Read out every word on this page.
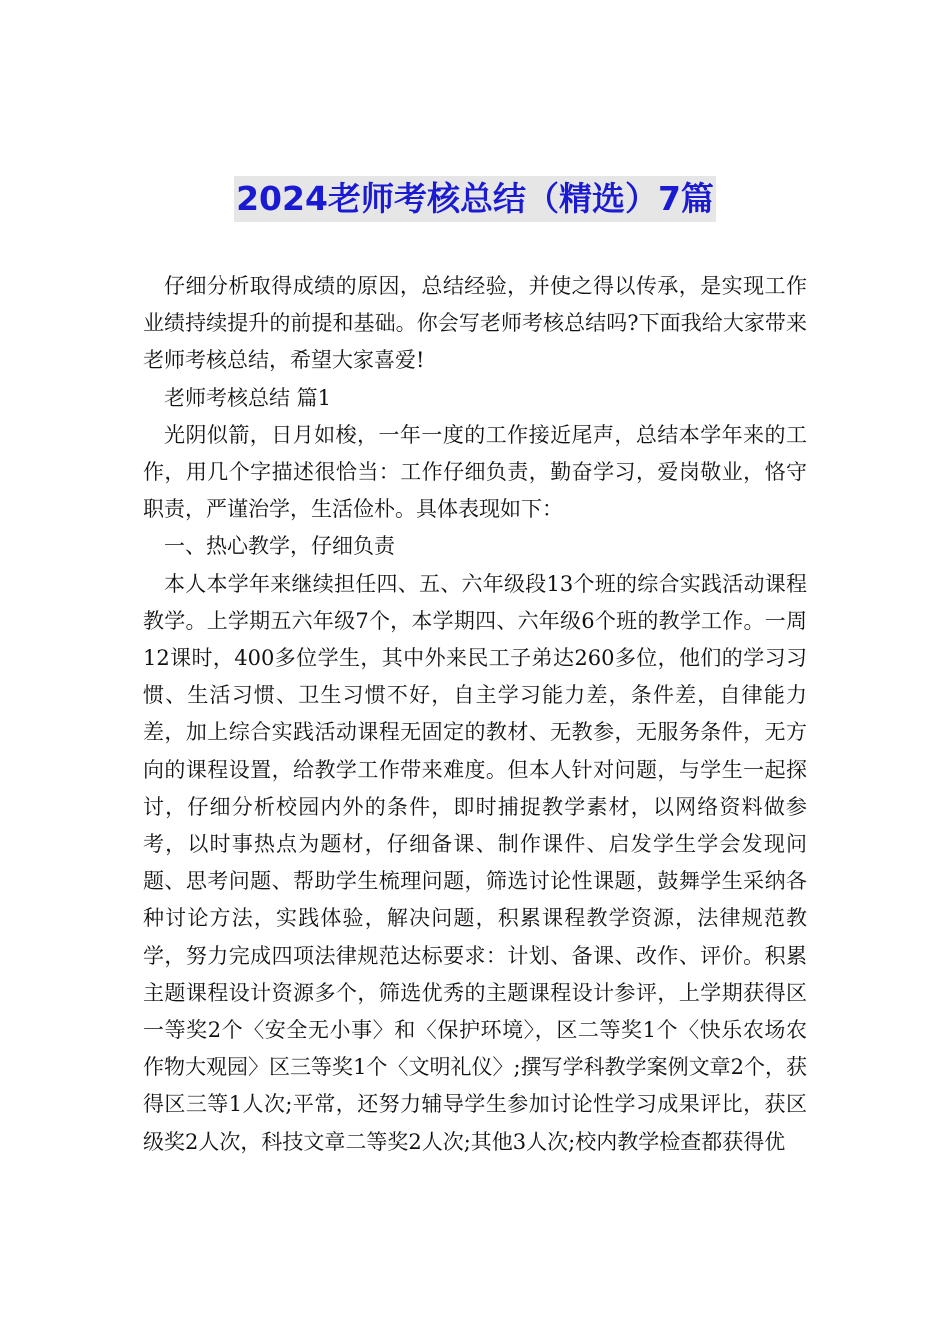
2024老师考核总结（精选）7篇

仔细分析取得成绩的原因，总结经验，并使之得以传承，是实现工作业绩持续提升的前提和基础。你会写老师考核总结吗?下面我给大家带来老师考核总结，希望大家喜爱!

老师考核总结 篇1

光阴似箭，日月如梭，一年一度的工作接近尾声，总结本学年来的工作，用几个字描述很恰当：工作仔细负责，勤奋学习，爱岗敬业，恪守职责，严谨治学，生活俭朴。具体表现如下：

一、热心教学，仔细负责

本人本学年来继续担任四、五、六年级段13个班的综合实践活动课程教学。上学期五六年级7个，本学期四、六年级6个班的教学工作。一周12课时，400多位学生，其中外来民工子弟达260多位，他们的学习习惯、生活习惯、卫生习惯不好，自主学习能力差，条件差，自律能力差，加上综合实践活动课程无固定的教材、无教参，无服务条件，无方向的课程设置，给教学工作带来难度。但本人针对问题，与学生一起探讨，仔细分析校园内外的条件，即时捕捉教学素材，以网络资料做参考，以时事热点为题材，仔细备课、制作课件、启发学生学会发现问题、思考问题、帮助学生梳理问题，筛选讨论性课题，鼓舞学生采纳各种讨论方法，实践体验，解决问题，积累课程教学资源，法律规范教学，努力完成四项法律规范达标要求：计划、备课、改作、评价。积累主题课程设计资源多个，筛选优秀的主题课程设计参评，上学期获得区一等奖2个〈安全无小事〉和〈保护环境〉，区二等奖1个〈快乐农场农作物大观园〉区三等奖1个〈文明礼仪〉;撰写学科教学案例文章2个，获得区三等1人次;平常，还努力辅导学生参加讨论性学习成果评比，获区级奖2人次，科技文章二等奖2人次;其他3人次;校内教学检查都获得优
